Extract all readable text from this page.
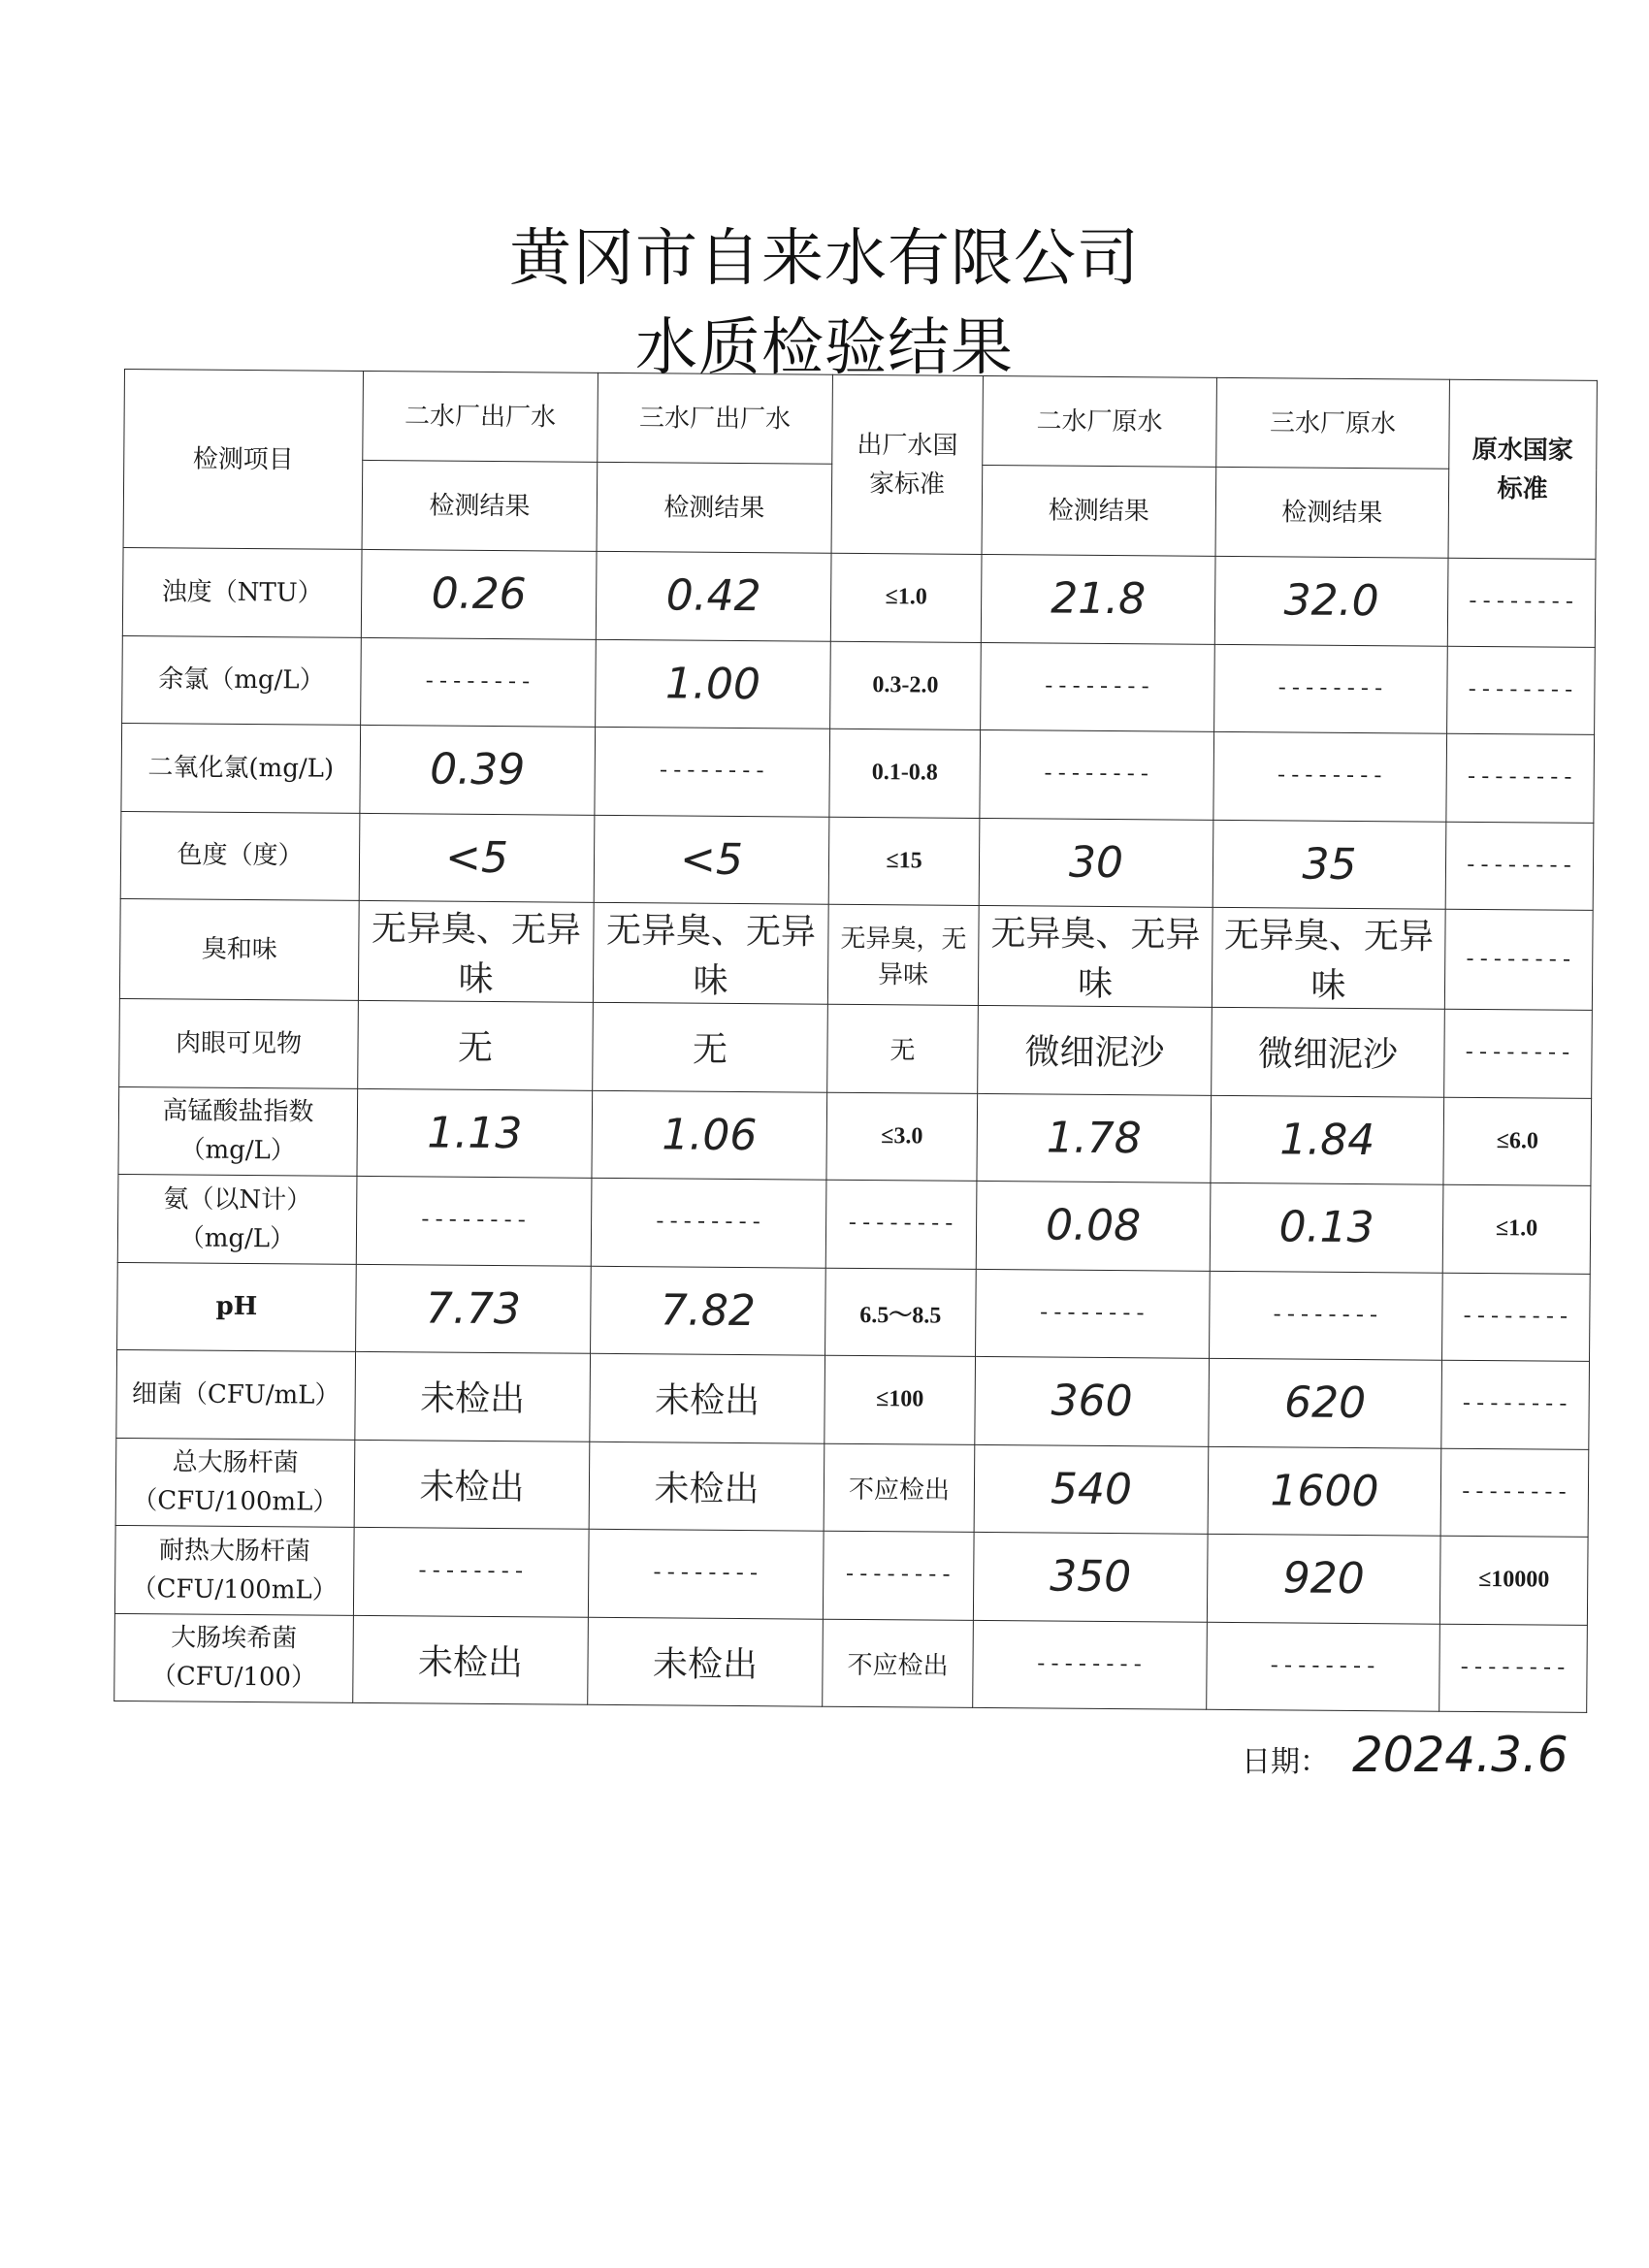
黄冈市自来水有限公司
水质检验结果
检测项目	二水厂出厂水	三水厂出厂水	出厂水国家标准	二水厂原水	三水厂原水	原水国家标准
	检测结果	检测结果		检测结果	检测结果	
浊度（NTU）	0.26	0.42	≤1.0	21.8	32.0	--------
余氯（mg/L）	--------	1.00	0.3-2.0	--------	--------	--------
二氧化氯(mg/L)	0.39	--------	0.1-0.8	--------	--------	--------
色度（度）	<5	<5	≤15	30	35	--------
臭和味	无异臭、无异味	无异臭、无异味	无异臭，无异味	无异臭、无异味	无异臭、无异味	--------
肉眼可见物	无	无	无	微细泥沙	微细泥沙	--------
高锰酸盐指数（mg/L）	1.13	1.06	≤3.0	1.78	1.84	≤6.0
氨（以N计）（mg/L）	--------	--------	--------	0.08	0.13	≤1.0
pH	7.73	7.82	6.5～8.5	--------	--------	--------
细菌（CFU/mL）	未检出	未检出	≤100	360	620	--------
总大肠杆菌（CFU/100mL）	未检出	未检出	不应检出	540	1600	--------
耐热大肠杆菌（CFU/100mL）	--------	--------	--------	350	920	≤10000
大肠埃希菌（CFU/100）	未检出	未检出	不应检出	--------	--------	--------
日期： 2024.3.6
